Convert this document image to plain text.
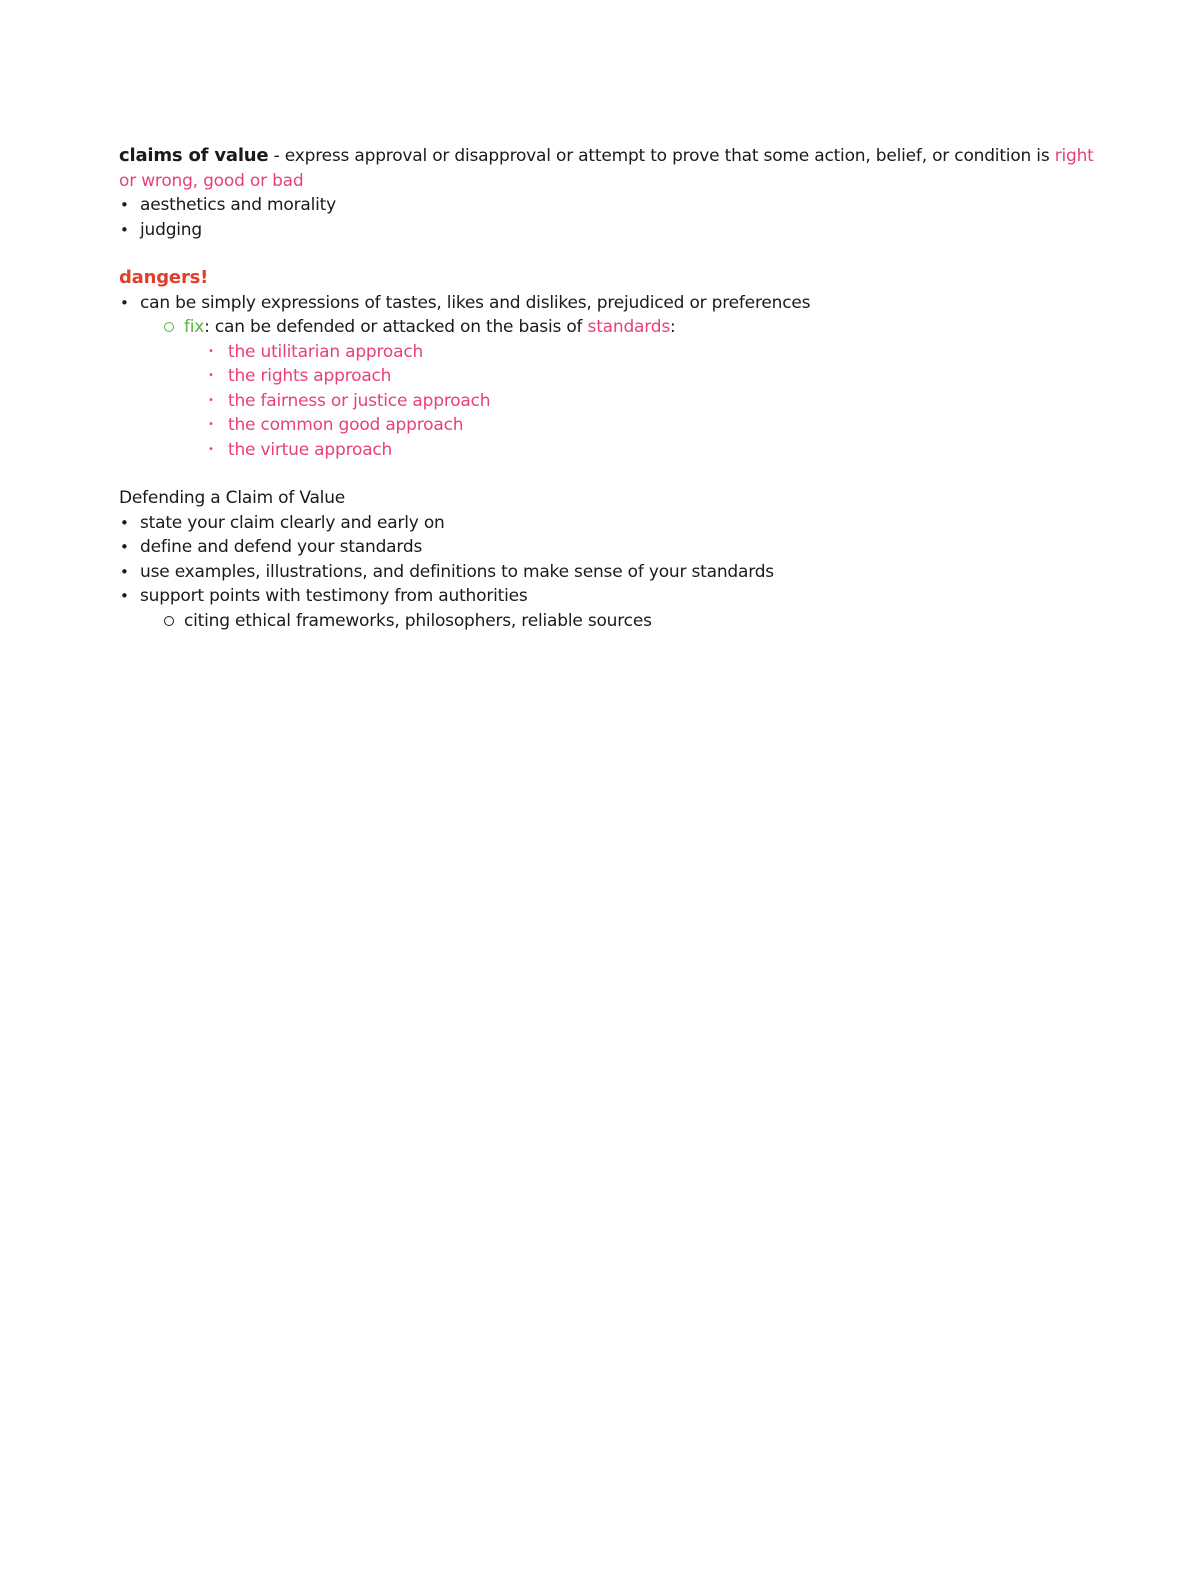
claims of value - express approval or disapproval or attempt to prove that some action, belief, or condition is right or wrong, good or bad
• aesthetics and morality
• judging
dangers!
• can be simply expressions of tastes, likes and dislikes, prejudiced or preferences
fix: can be defended or attacked on the basis of standards:
• the utilitarian approach
• the rights approach
• the fairness or justice approach
• the common good approach
• the virtue approach
Defending a Claim of Value
• state your claim clearly and early on
• define and defend your standards
• use examples, illustrations, and definitions to make sense of your standards
• support points with testimony from authorities
citing ethical frameworks, philosophers, reliable sources
